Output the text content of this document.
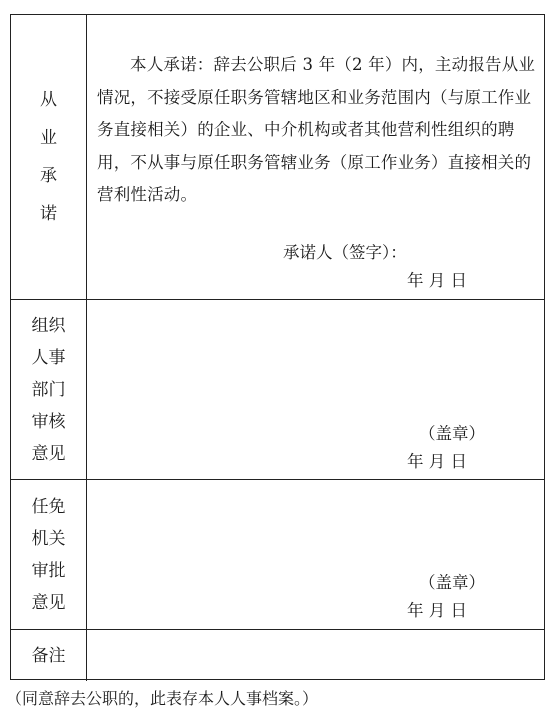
从
业
承
诺

本人承诺：辞去公职后 3 年（2 年）内，主动报告从业情况，不接受原任职务管辖地区和业务范围内（与原工作业务直接相关）的企业、中介机构或者其他营利性组织的聘用，不从事与原任职务管辖业务（原工作业务）直接相关的营利性活动。

承诺人（签字）：
年 月 日
组织
人事
部门
审核
意见
（盖章）
年 月 日
任免
机关
审批
意见
（盖章）
年 月 日
备注
（同意辞去公职的，此表存本人人事档案。）
